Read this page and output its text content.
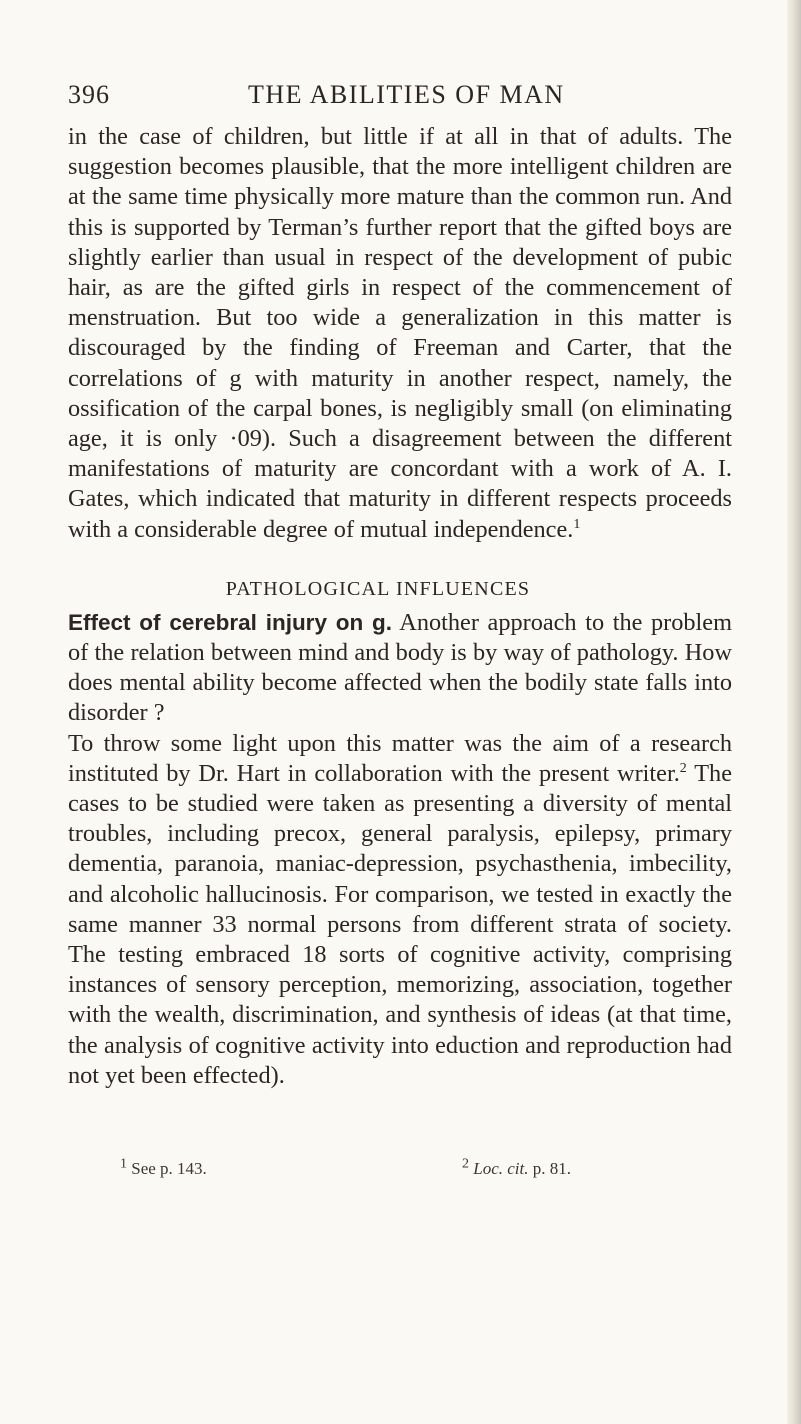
396	THE ABILITIES OF MAN

in the case of children, but little if at all in that of adults. The suggestion becomes plausible, that the more intelligent children are at the same time physically more mature than the common run. And this is supported by Terman’s further report that the gifted boys are slightly earlier than usual in respect of the development of pubic hair, as are the gifted girls in respect of the commencement of menstruation. But too wide a generalization in this matter is discouraged by the finding of Freeman and Carter, that the correlations of g with maturity in another respect, namely, the ossification of the carpal bones, is negligibly small (on eliminating age, it is only ·09). Such a disagreement between the different manifestations of maturity are concordant with a work of A. I. Gates, which indicated that maturity in different respects proceeds with a considerable degree of mutual independence.$^1$

PATHOLOGICAL INFLUENCES

Effect of cerebral injury on g. Another approach to the problem of the relation between mind and body is by way of pathology. How does mental ability become affected when the bodily state falls into disorder ?

To throw some light upon this matter was the aim of a research instituted by Dr. Hart in collaboration with the present writer.$^2$ The cases to be studied were taken as presenting a diversity of mental troubles, including precox, general paralysis, epilepsy, primary dementia, paranoia, maniac-depression, psychasthenia, imbecility, and alcoholic hallucinosis. For comparison, we tested in exactly the same manner 33 normal persons from different strata of society. The testing embraced 18 sorts of cognitive activity, comprising instances of sensory perception, memorizing, association, together with the wealth, discrimination, and synthesis of ideas (at that time, the analysis of cognitive activity into eduction and reproduction had not yet been effected).

$^1$ See p. 143.	$^2$ Loc. cit. p. 81.
